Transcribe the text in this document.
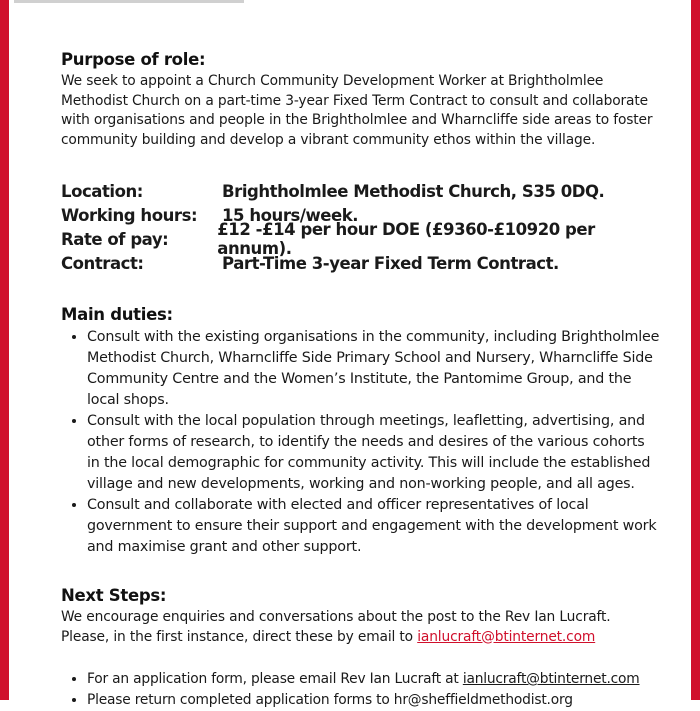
Purpose of role:

We seek to appoint a Church Community Development Worker at Brightholmlee Methodist Church on a part-time 3-year Fixed Term Contract to consult and collaborate with organisations and people in the Brightholmlee and Wharncliffe side areas to foster community building and develop a vibrant community ethos within the village.

Location:	Brightholmlee Methodist Church, S35 0DQ.
Working hours:	15 hours/week.
Rate of pay:	£12 -£14 per hour DOE (£9360-£10920 per annum).
Contract:	Part-Time 3-year Fixed Term Contract.
Main duties:
• Consult with the existing organisations in the community, including Brightholmlee Methodist Church, Wharncliffe Side Primary School and Nursery, Wharncliffe Side Community Centre and the Women’s Institute, the Pantomime Group, and the local shops.
• Consult with the local population through meetings, leafletting, advertising, and other forms of research, to identify the needs and desires of the various cohorts in the local demographic for community activity. This will include the established village and new developments, working and non-working people, and all ages.
• Consult and collaborate with elected and officer representatives of local government to ensure their support and engagement with the development work and maximise grant and other support.
Next Steps:

We encourage enquiries and conversations about the post to the Rev Ian Lucraft. Please, in the first instance, direct these by email to ianlucraft@btinternet.com

• For an application form, please email Rev Ian Lucraft at ianlucraft@btinternet.com
• Please return completed application forms to hr@sheffieldmethodist.org
